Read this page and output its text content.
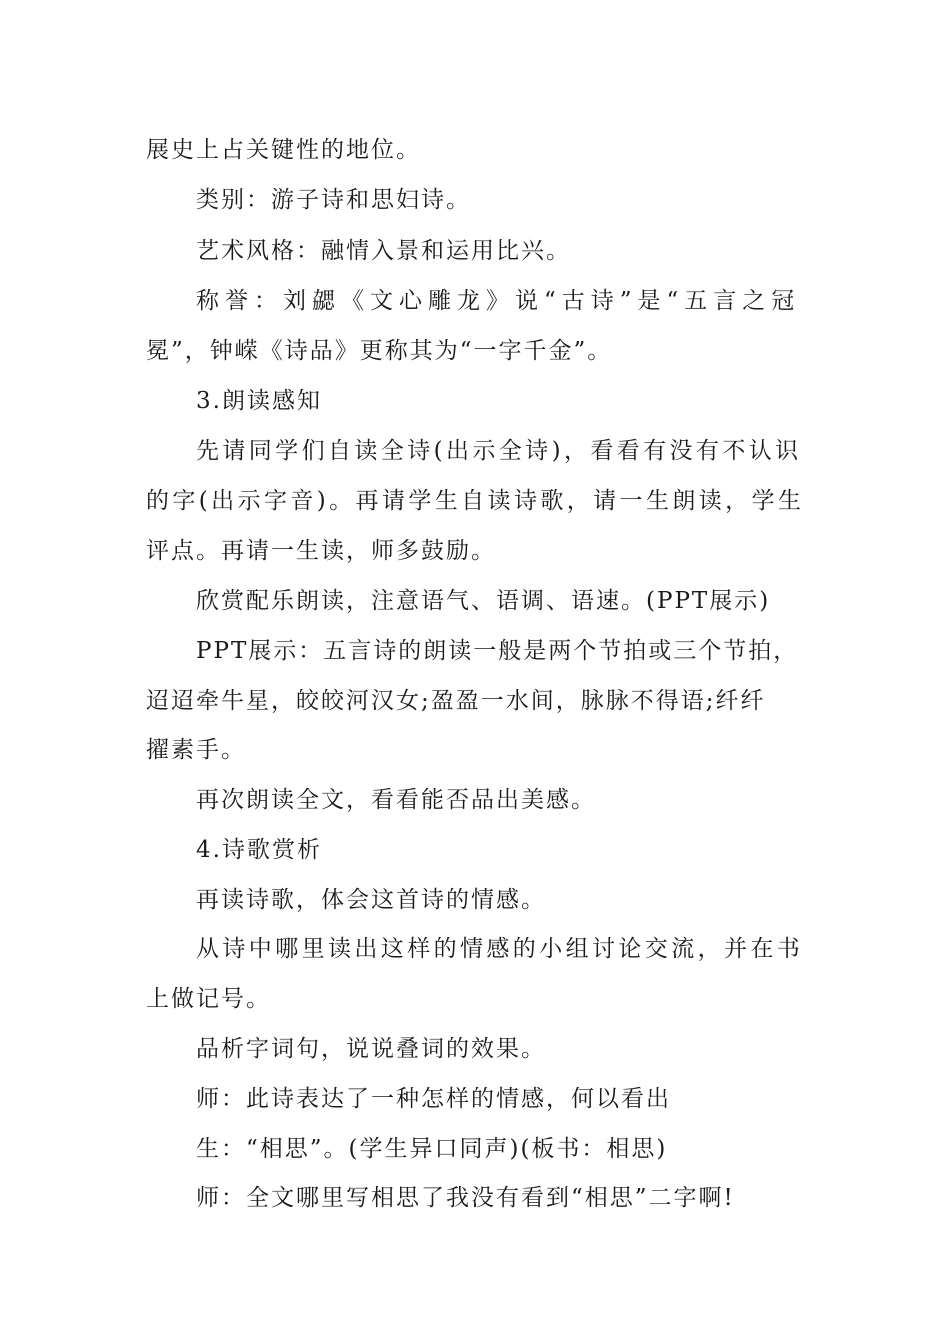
展史上占关键性的地位。
类别：游子诗和思妇诗。
艺术风格：融情入景和运用比兴。
称誉：刘勰《文心雕龙》说“古诗”是“五言之冠
冕”，钟嵘《诗品》更称其为“一字千金”。
3.朗读感知
先请同学们自读全诗(出示全诗)，看看有没有不认识
的字(出示字音)。再请学生自读诗歌，请一生朗读，学生
评点。再请一生读，师多鼓励。
欣赏配乐朗读，注意语气、语调、语速。(PPT展示)
PPT展示：五言诗的朗读一般是两个节拍或三个节拍，
迢迢牵牛星，皎皎河汉女;盈盈一水间，脉脉不得语;纤纤
擢素手。
再次朗读全文，看看能否品出美感。
4.诗歌赏析
再读诗歌，体会这首诗的情感。
从诗中哪里读出这样的情感的小组讨论交流，并在书
上做记号。
品析字词句，说说叠词的效果。
师：此诗表达了一种怎样的情感，何以看出
生：“相思”。(学生异口同声)(板书：相思)
师：全文哪里写相思了我没有看到“相思”二字啊!
